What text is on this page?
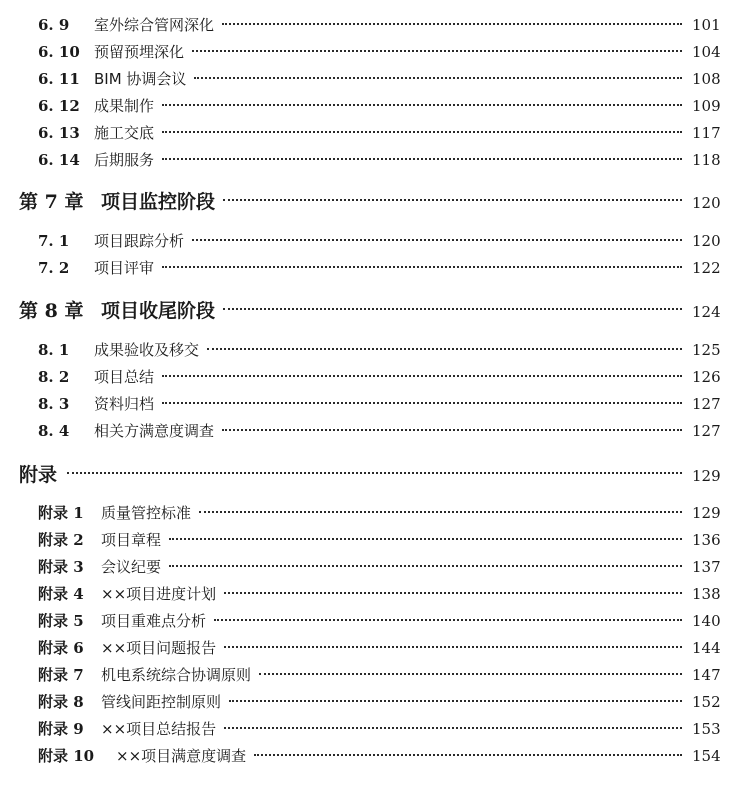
6. 9	室外综合管网深化	101
6. 10 预留预埋深化	104
6. 11 BIM 协调会议	108
6. 12 成果制作	109
6. 13 施工交底	117
6. 14 后期服务	118
第 7 章 项目监控阶段	120
7. 1	项目跟踪分析	120
7. 2	项目评审	122
第 8 章 项目收尾阶段	124
8. 1	成果验收及移交	125
8. 2	项目总结	126
8. 3	资料归档	127
8. 4	相关方满意度调查	127
附录	129
附录 1	质量管控标准	129
附录 2	项目章程	136
附录 3	会议纪要	137
附录 4	××项目进度计划	138
附录 5	项目重难点分析	140
附录 6	××项目问题报告	144
附录 7	机电系统综合协调原则	147
附录 8	管线间距控制原则	152
附录 9	××项目总结报告	153
附录 10	××项目满意度调查	154
